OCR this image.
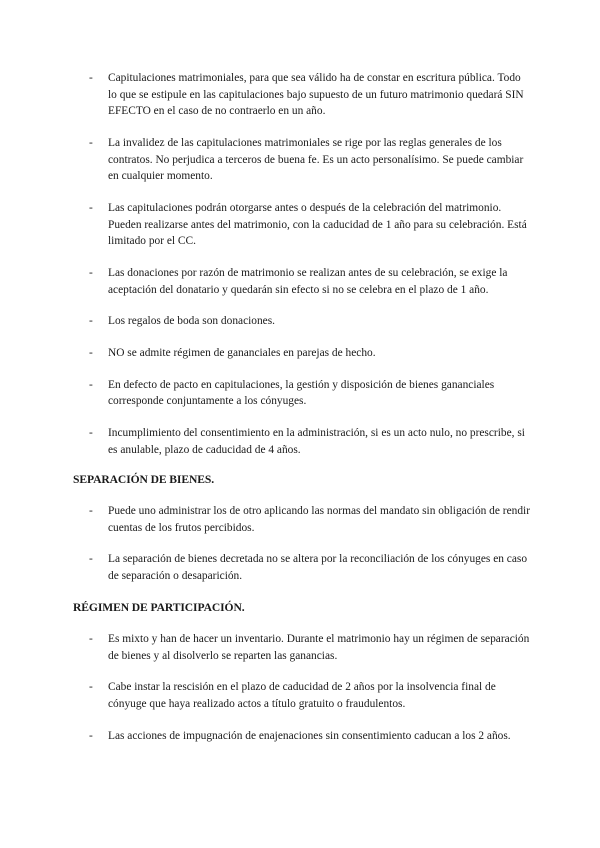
- Capitulaciones matrimoniales, para que sea válido ha de constar en escritura pública. Todo lo que se estipule en las capitulaciones bajo supuesto de un futuro matrimonio quedará SIN EFECTO en el caso de no contraerlo en un año.
- La invalidez de las capitulaciones matrimoniales se rige por las reglas generales de los contratos. No perjudica a terceros de buena fe. Es un acto personalísimo. Se puede cambiar en cualquier momento.
- Las capitulaciones podrán otorgarse antes o después de la celebración del matrimonio. Pueden realizarse antes del matrimonio, con la caducidad de 1 año para su celebración. Está limitado por el CC.
- Las donaciones por razón de matrimonio se realizan antes de su celebración, se exige la aceptación del donatario y quedarán sin efecto si no se celebra en el plazo de 1 año.
- Los regalos de boda son donaciones.
- NO se admite régimen de gananciales en parejas de hecho.
- En defecto de pacto en capitulaciones, la gestión y disposición de bienes gananciales corresponde conjuntamente a los cónyuges.
- Incumplimiento del consentimiento en la administración, si es un acto nulo, no prescribe, si es anulable, plazo de caducidad de 4 años.
SEPARACIÓN DE BIENES.
- Puede uno administrar los de otro aplicando las normas del mandato sin obligación de rendir cuentas de los frutos percibidos.
- La separación de bienes decretada no se altera por la reconciliación de los cónyuges en caso de separación o desaparición.
RÉGIMEN DE PARTICIPACIÓN.
- Es mixto y han de hacer un inventario. Durante el matrimonio hay un régimen de separación de bienes y al disolverlo se reparten las ganancias.
- Cabe instar la rescisión en el plazo de caducidad de 2 años por la insolvencia final de cónyuge que haya realizado actos a título gratuito o fraudulentos.
- Las acciones de impugnación de enajenaciones sin consentimiento caducan a los 2 años.
